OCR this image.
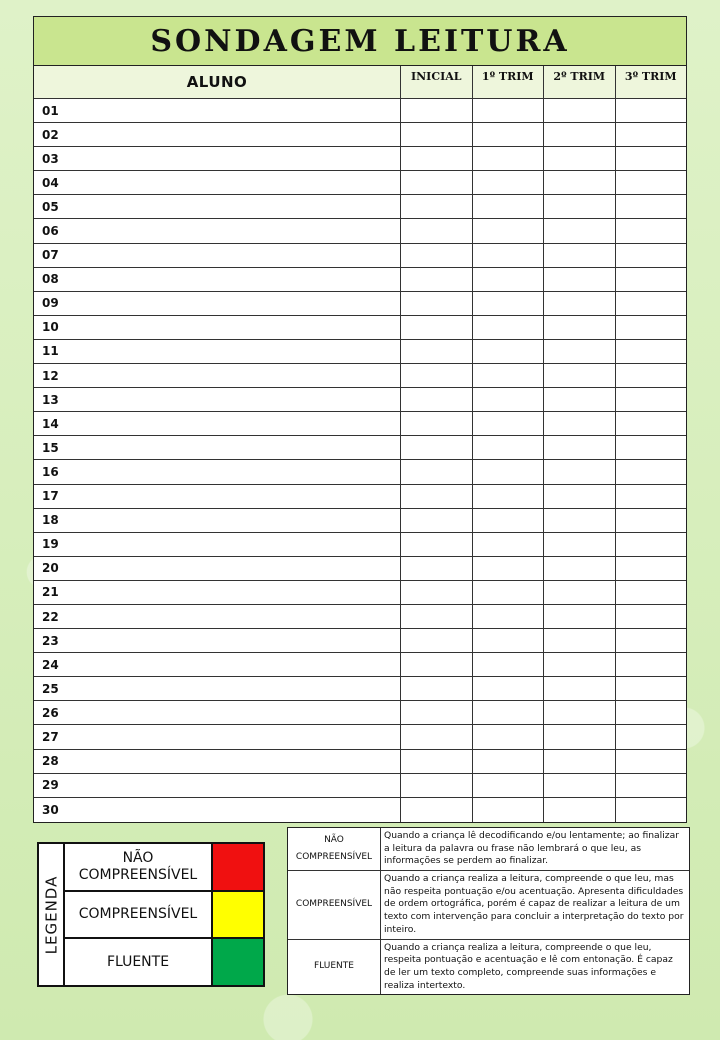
SONDAGEM LEITURA
ALUNO	INICIAL	1º TRIM	2º TRIM	3º TRIM
01
02
03
04
05
06
07
08
09
10
11
12
13
14
15
16
17
18
19
20
21
22
23
24
25
26
27
28
29
30
LEGENDA
NÃO COMPREENSÍVEL
COMPREENSÍVEL
FLUENTE
NÃO COMPREENSÍVEL
Quando a criança lê decodificando e/ou lentamente; ao finalizar a leitura da palavra ou frase não lembrará o que leu, as informações se perdem ao finalizar.
COMPREENSÍVEL
Quando a criança realiza a leitura, compreende o que leu, mas não respeita pontuação e/ou acentuação. Apresenta dificuldades de ordem ortográfica, porém é capaz de realizar a leitura de um texto com intervenção para concluir a interpretação do texto por inteiro.
FLUENTE
Quando a criança realiza a leitura, compreende o que leu, respeita pontuação e acentuação e lê com entonação. É capaz de ler um texto completo, compreende suas informações e realiza intertexto.
